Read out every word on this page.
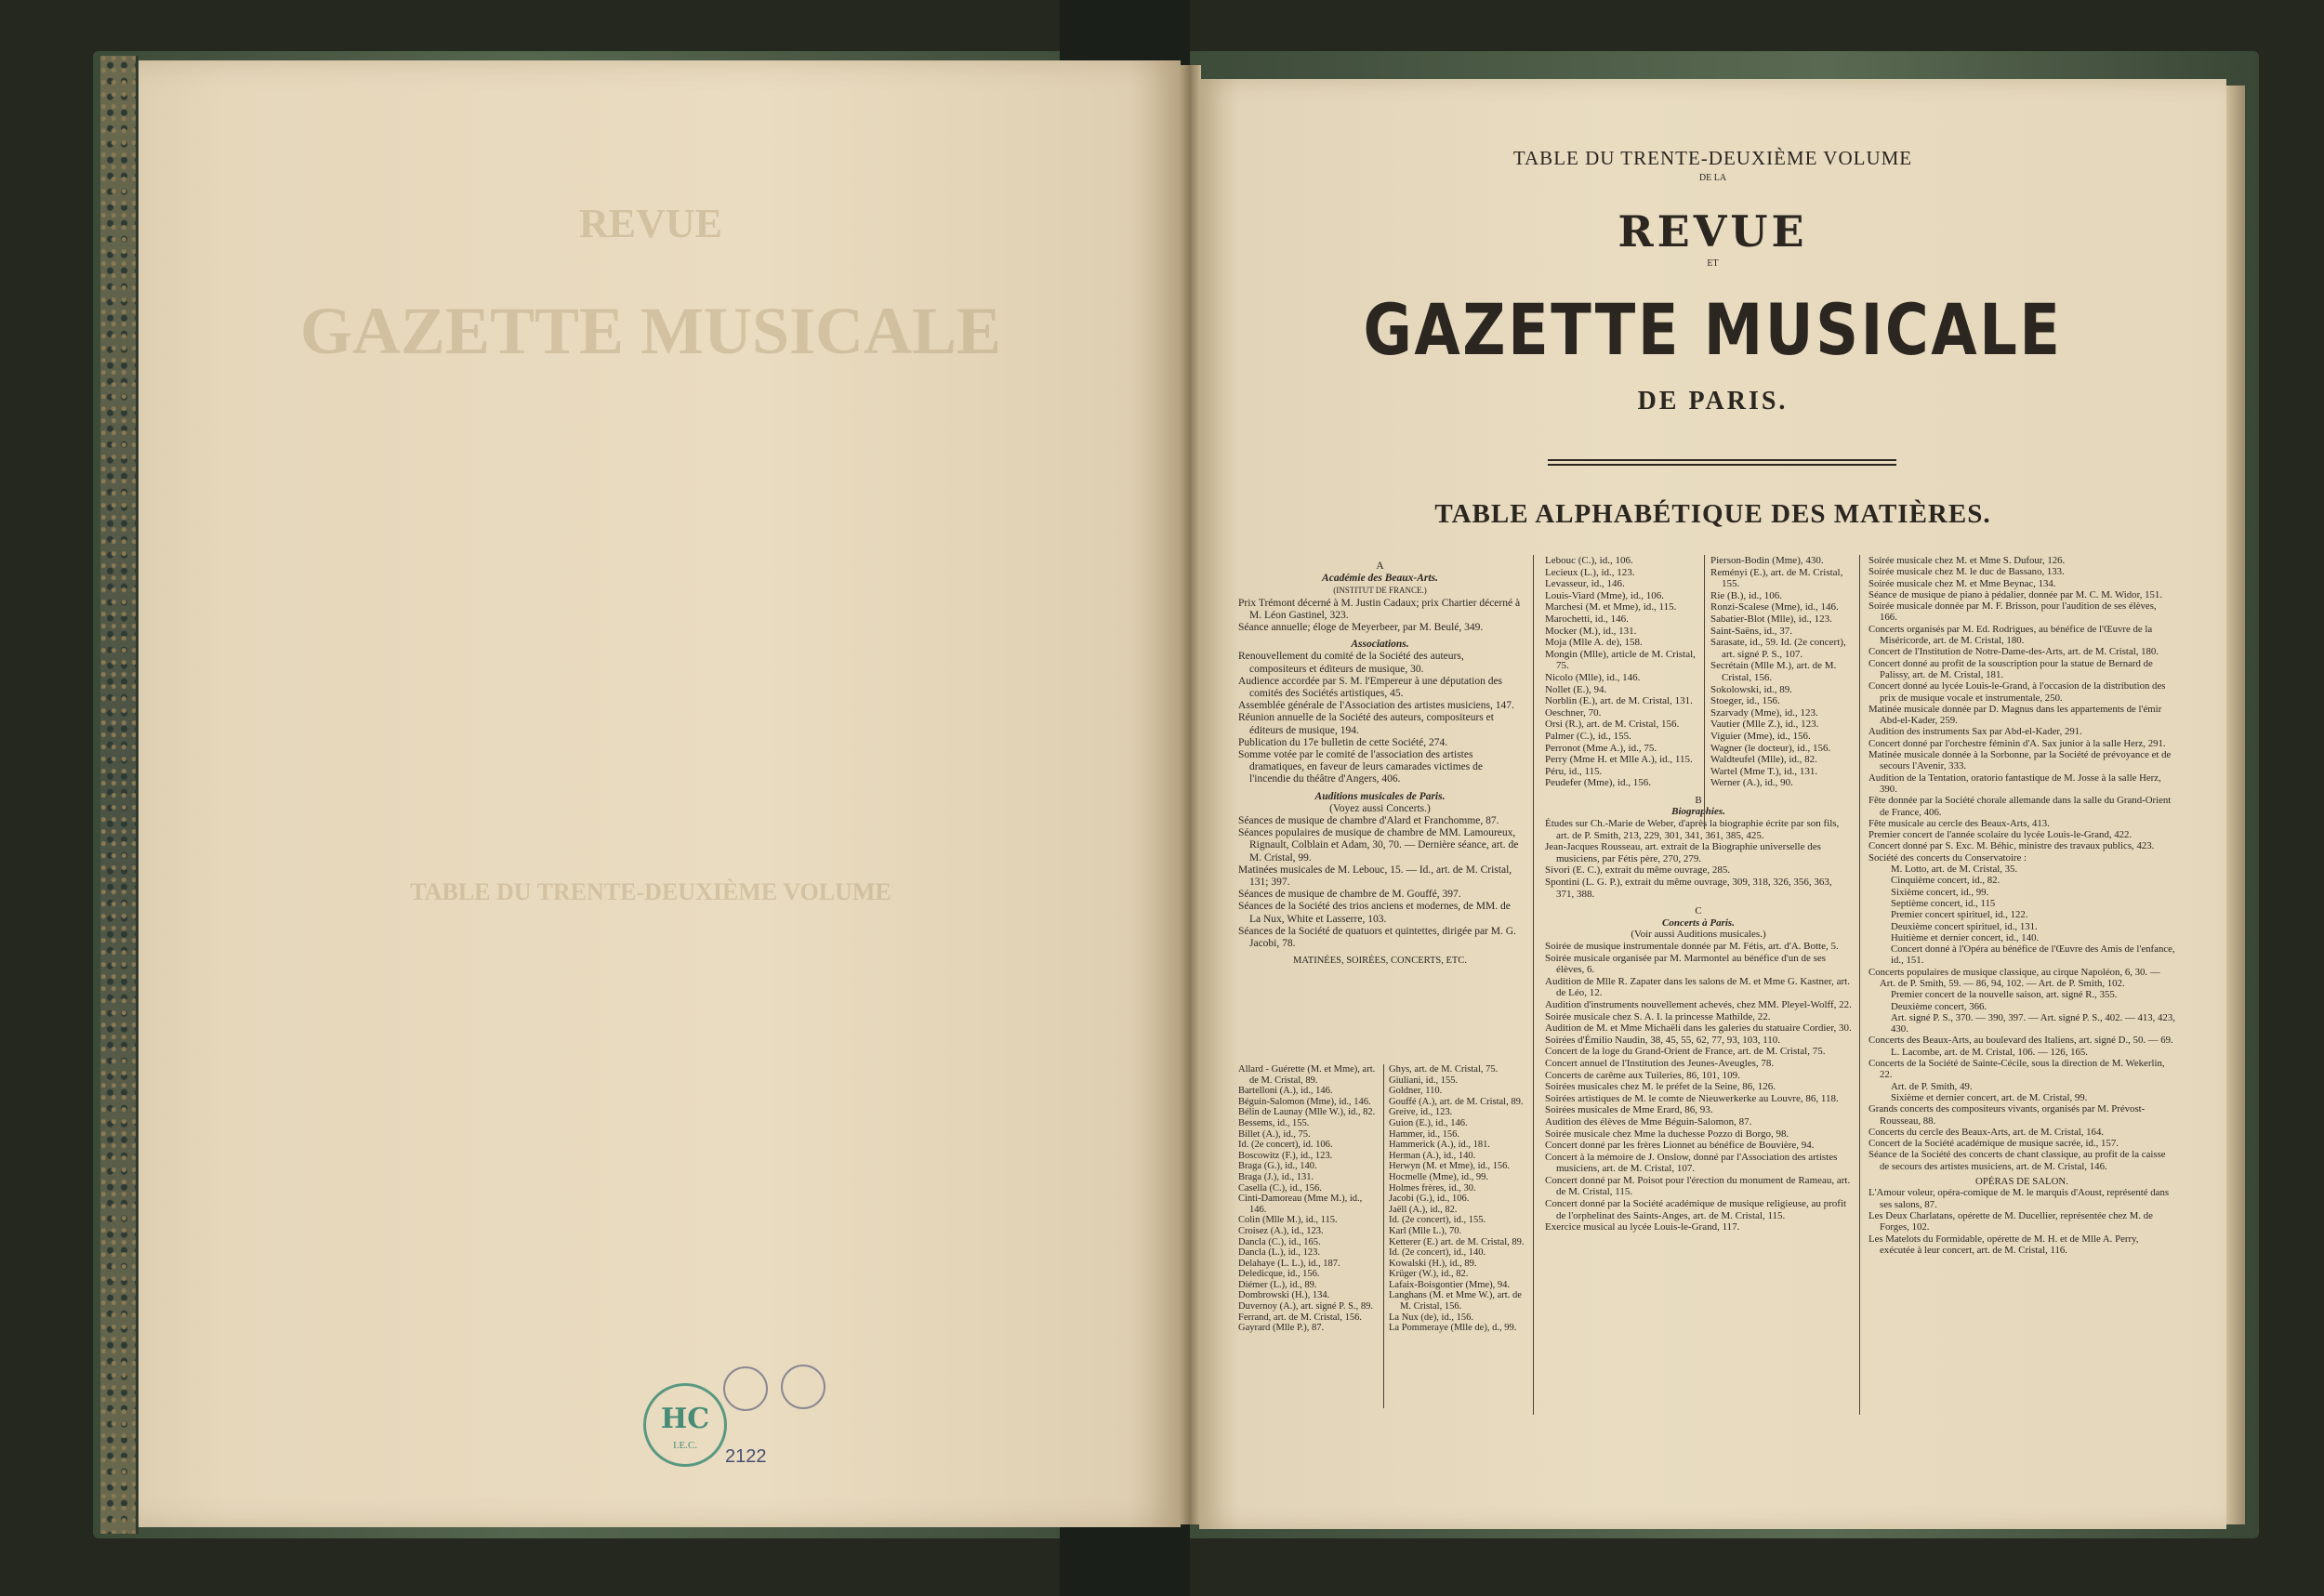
REVUE
GAZETTE MUSICALE
TABLE DU TRENTE-DEUXIÈME VOLUME
TABLE DU TRENTE-DEUXIÈME VOLUME
DE LA
REVUE
ET
GAZETTE MUSICALE
DE PARIS.
TABLE ALPHABÉTIQUE DES MATIÈRES.

A

Académie des Beaux-Arts.

(INSTITUT DE FRANCE.)

Prix Trémont décerné à M. Justin Cadaux; prix Chartier décerné à M. Léon Gastinel, 323.

Séance annuelle; éloge de Meyerbeer, par M. Beulé, 349.

Associations.

Renouvellement du comité de la Société des auteurs, compositeurs et éditeurs de musique, 30.

Audience accordée par S. M. l'Empereur à une députation des comités des Sociétés artistiques, 45.

Assemblée générale de l'Association des artistes musiciens, 147.

Réunion annuelle de la Société des auteurs, compositeurs et éditeurs de musique, 194.

Publication du 17e bulletin de cette Société, 274.

Somme votée par le comité de l'association des artistes dramatiques, en faveur de leurs camarades victimes de l'incendie du théâtre d'Angers, 406.

Auditions musicales de Paris.

(Voyez aussi Concerts.)

Séances de musique de chambre d'Alard et Franchomme, 87.

Séances populaires de musique de chambre de MM. Lamoureux, Rignault, Colblain et Adam, 30, 70. — Dernière séance, art. de M. Cristal, 99.

Matinées musicales de M. Lebouc, 15. — Id., art. de M. Cristal, 131; 397.

Séances de musique de chambre de M. Gouffé, 397.

Séances de la Société des trios anciens et modernes, de MM. de La Nux, White et Lasserre, 103.

Séances de la Société de quatuors et quintettes, dirigée par M. G. Jacobi, 78.

MATINÉES, SOIRÉES, CONCERTS, ETC.

Allard - Guérette (M. et Mme), art. de M. Cristal, 89.

Bartelloni (A.), id., 146.

Béguin-Salomon (Mme), id., 146.

Bélin de Launay (Mlle W.), id., 82.

Bessems, id., 155.

Billet (A.), id., 75.

Id. (2e concert), id. 106.

Boscowitz (F.), id., 123.

Braga (G.), id., 140.

Braga (J.), id., 131.

Casella (C.), id., 156.

Cinti-Damoreau (Mme M.), id., 146.

Colin (Mlle M.), id., 115.

Croisez (A.), id., 123.

Dancla (C.), id., 165.

Dancla (L.), id., 123.

Delahaye (L. L.), id., 187.

Deledicque, id., 156.

Diémer (L.), id., 89.

Dombrowski (H.), 134.

Duvernoy (A.), art. signé P. S., 89.

Ferrand, art. de M. Cristal, 156.

Gayrard (Mlle P.), 87.

Ghys, art. de M. Cristal, 75.

Giuliani, id., 155.

Goldner, 110.

Gouffé (A.), art. de M. Cristal, 89.

Greive, id., 123.

Guion (E.), id., 146.

Hammer, id., 156.

Hammerick (A.), id., 181.

Herman (A.), id., 140.

Herwyn (M. et Mme), id., 156.

Hocmelle (Mme), id., 99.

Holmes frères, id., 30.

Jacobi (G.), id., 106.

Jaëll (A.), id., 82.

Id. (2e concert), id., 155.

Karl (Mlle L.), 70.

Ketterer (E.) art. de M. Cristal, 89.

Id. (2e concert), id., 140.

Kowalski (H.), id., 89.

Krüger (W.), id., 82.

Lafaix-Boisgontier (Mme), 94.

Langhans (M. et Mme W.), art. de M. Cristal, 156.

La Nux (de), id., 156.

La Pommeraye (Mlle de), d., 99.

Lebouc (C.), id., 106.

Lecieux (L.), id., 123.

Levasseur, id., 146.

Louis-Viard (Mme), id., 106.

Marchesi (M. et Mme), id., 115.

Marochetti, id., 146.

Mocker (M.), id., 131.

Moja (Mlle A. de), 158.

Mongin (Mlle), article de M. Cristal, 75.

Nicolo (Mlle), id., 146.

Nollet (E.), 94.

Norblin (E.), art. de M. Cristal, 131.

Oeschner, 70.

Orsi (R.), art. de M. Cristal, 156.

Palmer (C.), id., 155.

Perronot (Mme A.), id., 75.

Perry (Mme H. et Mlle A.), id., 115.

Péru, id., 115.

Peudefer (Mme), id., 156.

B

Biographies.

Études sur Ch.-Marie de Weber, d'après la biographie écrite par son fils, art. de P. Smith, 213, 229, 301, 341, 361, 385, 425.

Jean-Jacques Rousseau, art. extrait de la Biographie universelle des musiciens, par Fétis père, 270, 279.

Sivori (E. C.), extrait du même ouvrage, 285.

Spontini (L. G. P.), extrait du même ouvrage, 309, 318, 326, 356, 363, 371, 388.

C

Concerts à Paris.

(Voir aussi Auditions musicales.)

Soirée de musique instrumentale donnée par M. Fétis, art. d'A. Botte, 5.

Soirée musicale organisée par M. Marmontel au bénéfice d'un de ses élèves, 6.

Audition de Mlle R. Zapater dans les salons de M. et Mme G. Kastner, art. de Léo, 12.

Audition d'instruments nouvellement achevés, chez MM. Pleyel-Wolff, 22.

Soirée musicale chez S. A. I. la princesse Mathilde, 22.

Audition de M. et Mme Michaëli dans les galeries du statuaire Cordier, 30.

Soirées d'Émilio Naudin, 38, 45, 55, 62, 77, 93, 103, 110.

Concert de la loge du Grand-Orient de France, art. de M. Cristal, 75.

Concert annuel de l'Institution des Jeunes-Aveugles, 78.

Concerts de carême aux Tuileries, 86, 101, 109.

Soirées musicales chez M. le préfet de la Seine, 86, 126.

Soirées artistiques de M. le comte de Nieuwerkerke au Louvre, 86, 118.

Soirées musicales de Mme Erard, 86, 93.

Audition des élèves de Mme Béguin-Salomon, 87.

Soirée musicale chez Mme la duchesse Pozzo di Borgo, 98.

Concert donné par les frères Lionnet au bénéfice de Bouvière, 94.

Concert à la mémoire de J. Onslow, donné par l'Association des artistes musiciens, art. de M. Cristal, 107.

Concert donné par M. Poisot pour l'érection du monument de Rameau, art. de M. Cristal, 115.

Concert donné par la Société académique de musique religieuse, au profit de l'orphelinat des Saints-Anges, art. de M. Cristal, 115.

Exercice musical au lycée Louis-le-Grand, 117.

Pierson-Bodin (Mme), 430.

Reményi (E.), art. de M. Cristal, 155.

Rie (B.), id., 106.

Ronzi-Scalese (Mme), id., 146.

Sabatier-Blot (Mlle), id., 123.

Saint-Saëns, id., 37.

Sarasate, id., 59. Id. (2e concert), art. signé P. S., 107.

Secrétain (Mlle M.), art. de M. Cristal, 156.

Sokolowski, id., 89.

Stoeger, id., 156.

Szarvady (Mme), id., 123.

Vautier (Mlle Z.), id., 123.

Viguier (Mme), id., 156.

Wagner (le docteur), id., 156.

Waldteufel (Mlle), id., 82.

Wartel (Mme T.), id., 131.

Werner (A.), id., 90.

Soirée musicale chez M. et Mme S. Dufour, 126.

Soirée musicale chez M. le duc de Bassano, 133.

Soirée musicale chez M. et Mme Beynac, 134.

Séance de musique de piano à pédalier, donnée par M. C. M. Widor, 151.

Soirée musicale donnée par M. F. Brisson, pour l'audition de ses élèves, 166.

Concerts organisés par M. Ed. Rodrigues, au bénéfice de l'Œuvre de la Miséricorde, art. de M. Cristal, 180.

Concert de l'Institution de Notre-Dame-des-Arts, art. de M. Cristal, 180.

Concert donné au profit de la souscription pour la statue de Bernard de Palissy, art. de M. Cristal, 181.

Concert donné au lycée Louis-le-Grand, à l'occasion de la distribution des prix de musique vocale et instrumentale, 250.

Matinée musicale donnée par D. Magnus dans les appartements de l'émir Abd-el-Kader, 259.

Audition des instruments Sax par Abd-el-Kader, 291.

Concert donné par l'orchestre féminin d'A. Sax junior à la salle Herz, 291.

Matinée musicale donnée à la Sorbonne, par la Société de prévoyance et de secours l'Avenir, 333.

Audition de la Tentation, oratorio fantastique de M. Josse à la salle Herz, 390.

Fête donnée par la Société chorale allemande dans la salle du Grand-Orient de France, 406.

Fête musicale au cercle des Beaux-Arts, 413.

Premier concert de l'année scolaire du lycée Louis-le-Grand, 422.

Concert donné par S. Exc. M. Béhic, ministre des travaux publics, 423.

Société des concerts du Conservatoire :

M. Lotto, art. de M. Cristal, 35.

Cinquième concert, id., 82.

Sixième concert, id., 99.

Septième concert, id., 115

Premier concert spirituel, id., 122.

Deuxième concert spirituel, id., 131.

Huitième et dernier concert, id., 140.

Concert donné à l'Opéra au bénéfice de l'Œuvre des Amis de l'enfance, id., 151.

Concerts populaires de musique classique, au cirque Napoléon, 6, 30. — Art. de P. Smith, 59. — 86, 94, 102. — Art. de P. Smith, 102.

Premier concert de la nouvelle saison, art. signé R., 355.

Deuxième concert, 366.

Art. signé P. S., 370. — 390, 397. — Art. signé P. S., 402. — 413, 423, 430.

Concerts des Beaux-Arts, au boulevard des Italiens, art. signé D., 50. — 69.

L. Lacombe, art. de M. Cristal, 106. — 126, 165.

Concerts de la Société de Sainte-Cécile, sous la direction de M. Wekerlin, 22.

Art. de P. Smith, 49.

Sixième et dernier concert, art. de M. Cristal, 99.

Grands concerts des compositeurs vivants, organisés par M. Prévost-Rousseau, 88.

Concerts du cercle des Beaux-Arts, art. de M. Cristal, 164.

Concert de la Société académique de musique sacrée, id., 157.

Séance de la Société des concerts de chant classique, au profit de la caisse de secours des artistes musiciens, art. de M. Cristal, 146.

OPÉRAS DE SALON.

L'Amour voleur, opéra-comique de M. le marquis d'Aoust, représenté dans ses salons, 87.

Les Deux Charlatans, opérette de M. Ducellier, représentée chez M. de Forges, 102.

Les Matelots du Formidable, opérette de M. H. et de Mlle A. Perry, exécutée à leur concert, art. de M. Cristal, 116.

HC
I.E.C.
2122
